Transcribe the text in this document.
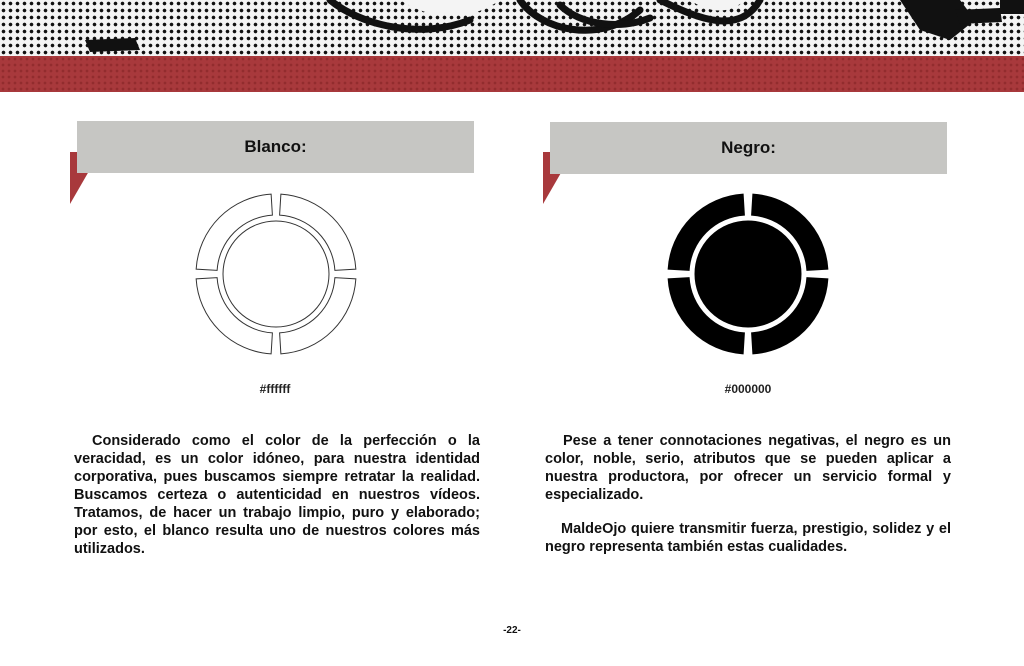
Blanco:
#ffffff

Considerado como el color de la perfección o la veracidad, es un color idóneo, para nuestra identidad corporativa, pues buscamos siempre retratar la realidad. Buscamos certeza o autenticidad en nuestros vídeos. Tratamos, de hacer un trabajo limpio, puro y elaborado; por esto, el blanco resulta uno de nuestros colores más utilizados.

Negro:
#000000

Pese a tener connotaciones negativas, el negro es un color, noble, serio, atributos que se pueden aplicar a nuestra productora, por ofrecer un servicio formal y especializado.

MaldeOjo quiere transmitir fuerza, prestigio, solidez y el negro representa también estas cualidades.

-22-
